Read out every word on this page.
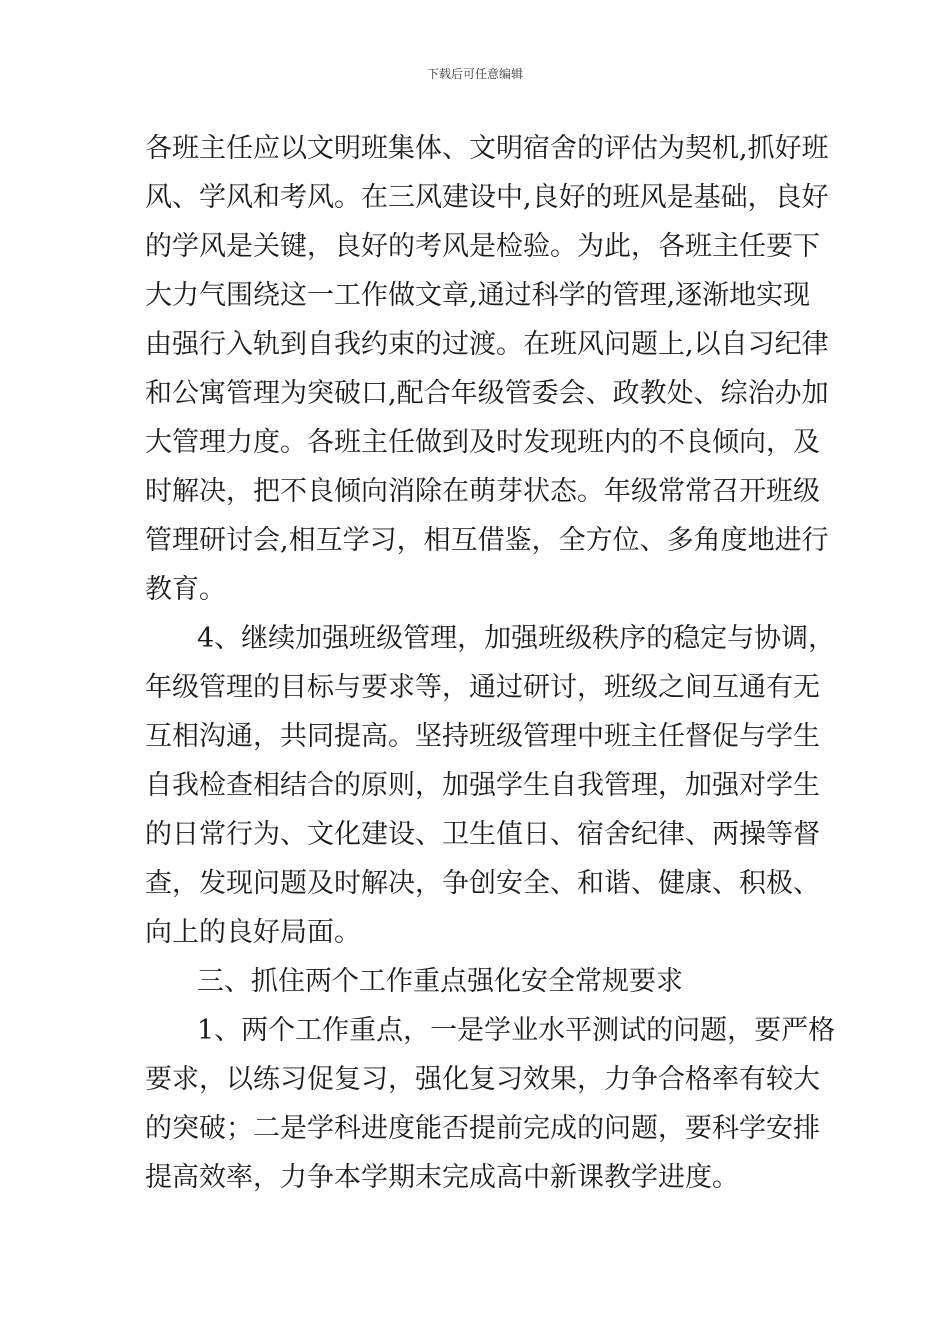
下载后可任意编辑
各班主任应以文明班集体、文明宿舍的评估为契机,抓好班
风、学风和考风。在三风建设中,良好的班风是基础，良好
的学风是关键，良好的考风是检验。为此，各班主任要下
大力气围绕这一工作做文章,通过科学的管理,逐渐地实现
由强行入轨到自我约束的过渡。在班风问题上,以自习纪律
和公寓管理为突破口,配合年级管委会、政教处、综治办加
大管理力度。各班主任做到及时发现班内的不良倾向，及
时解决，把不良倾向消除在萌芽状态。年级常常召开班级
管理研讨会,相互学习，相互借鉴，全方位、多角度地进行
教育。
4、继续加强班级管理，加强班级秩序的稳定与协调，
年级管理的目标与要求等，通过研讨，班级之间互通有无
互相沟通，共同提高。坚持班级管理中班主任督促与学生
自我检查相结合的原则，加强学生自我管理，加强对学生
的日常行为、文化建设、卫生值日、宿舍纪律、两操等督
查，发现问题及时解决，争创安全、和谐、健康、积极、
向上的良好局面。
三、抓住两个工作重点强化安全常规要求
1、两个工作重点，一是学业水平测试的问题，要严格
要求，以练习促复习，强化复习效果，力争合格率有较大
的突破；二是学科进度能否提前完成的问题，要科学安排
提高效率，力争本学期末完成高中新课教学进度。
